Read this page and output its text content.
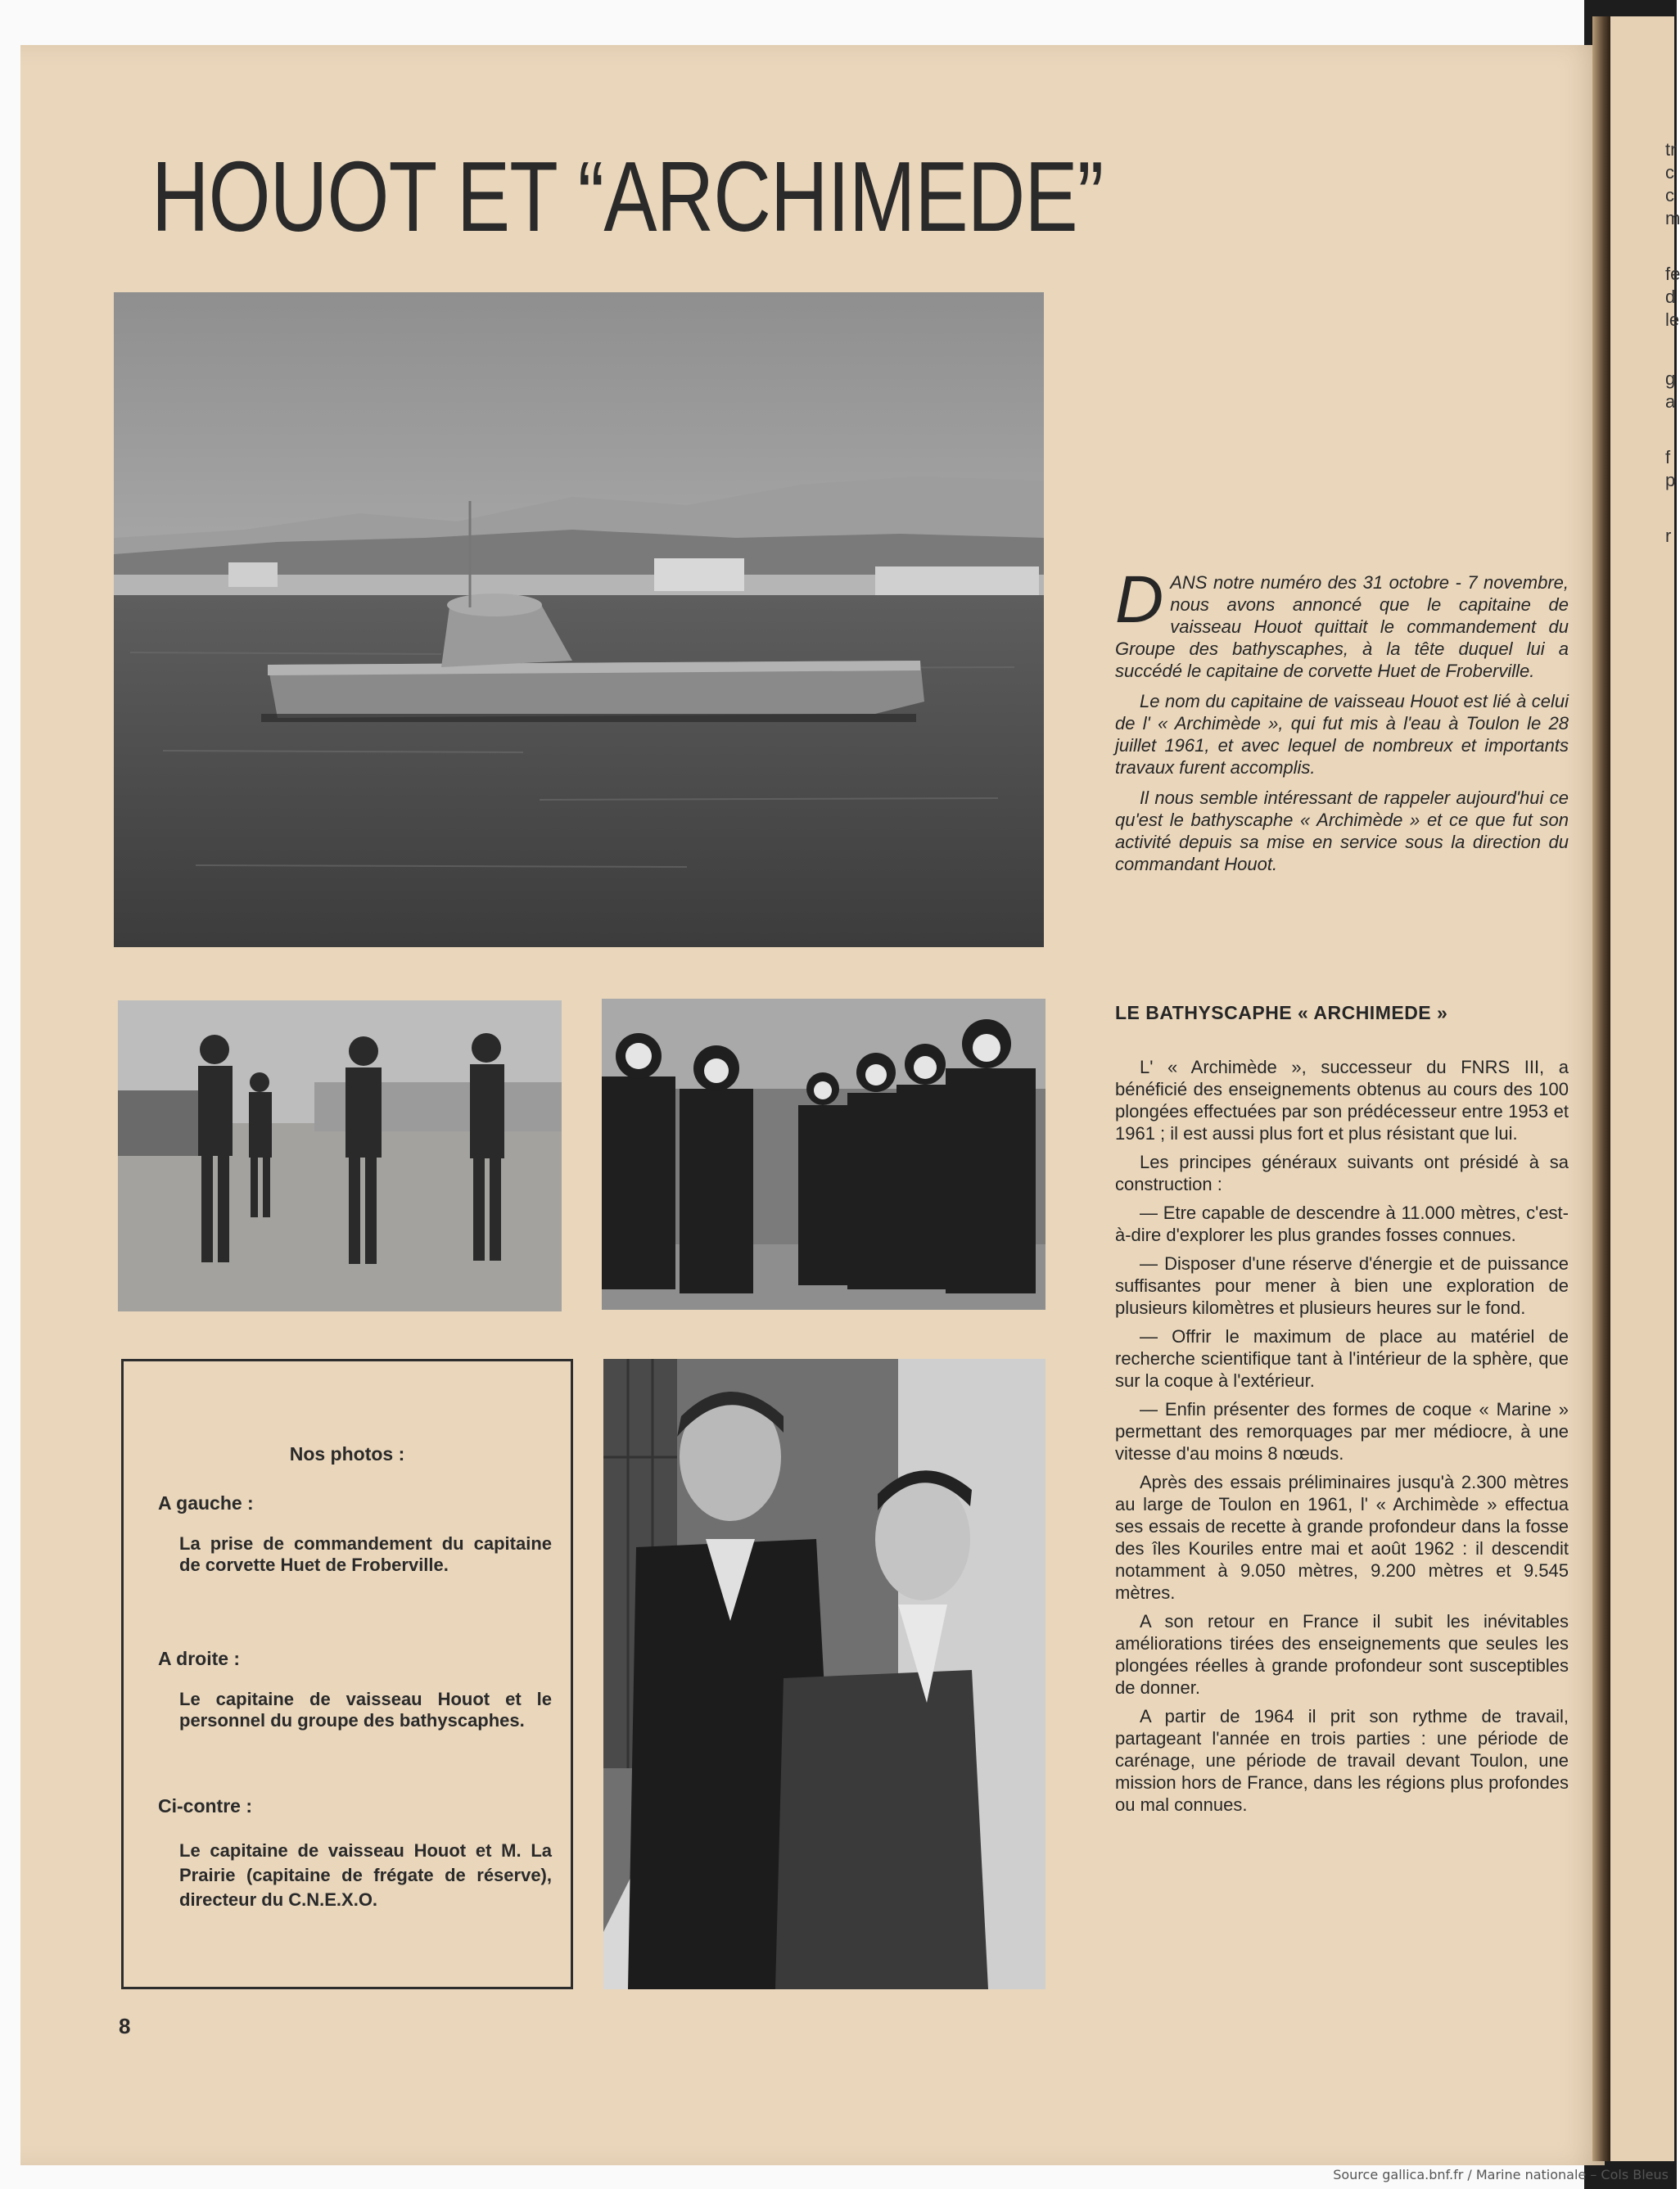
tr
c
c
m
fe
d
le
g
a
f
p
r
HOUOT ET “ARCHIMEDE”
Nos photos :
A gauche :
La prise de commandement du capitaine de corvette Huet de Froberville.
A droite :
Le capitaine de vaisseau Houot et le personnel du groupe des bathyscaphes.
Ci-contre :
Le capitaine de vaisseau Houot et M. La Prairie (capitaine de frégate de réserve), directeur du C.N.E.X.O.

DANS notre numéro des 31 octobre - 7 novembre, nous avons annoncé que le capitaine de vaisseau Houot quittait le commandement du Groupe des bathyscaphes, à la tête duquel lui a succédé le capitaine de corvette Huet de Froberville.

Le nom du capitaine de vaisseau Houot est lié à celui de l' « Archimède », qui fut mis à l'eau à Toulon le 28 juillet 1961, et avec lequel de nombreux et importants travaux furent accomplis.

Il nous semble intéressant de rappeler aujourd'hui ce qu'est le bathyscaphe « Archimède » et ce que fut son activité depuis sa mise en service sous la direction du commandant Houot.

LE BATHYSCAPHE « ARCHIMEDE »

L' « Archimède », successeur du FNRS III, a bénéficié des enseignements obtenus au cours des 100 plongées effectuées par son prédécesseur entre 1953 et 1961 ; il est aussi plus fort et plus résistant que lui.

Les principes généraux suivants ont présidé à sa construction :

— Etre capable de descendre à 11.000 mètres, c'est-à-dire d'explorer les plus grandes fosses connues.

— Disposer d'une réserve d'énergie et de puissance suffisantes pour mener à bien une exploration de plusieurs kilomètres et plusieurs heures sur le fond.

— Offrir le maximum de place au matériel de recherche scientifique tant à l'intérieur de la sphère, que sur la coque à l'extérieur.

— Enfin présenter des formes de coque « Marine » permettant des remorquages par mer médiocre, à une vitesse d'au moins 8 nœuds.

Après des essais préliminaires jusqu'à 2.300 mètres au large de Toulon en 1961, l' « Archimède » effectua ses essais de recette à grande profondeur dans la fosse des îles Kouriles entre mai et août 1962 : il descendit notamment à 9.050 mètres, 9.200 mètres et 9.545 mètres.

A son retour en France il subit les inévitables améliorations tirées des enseignements que seules les plongées réelles à grande profondeur sont susceptibles de donner.

A partir de 1964 il prit son rythme de travail, partageant l'année en trois parties : une période de carénage, une période de travail devant Toulon, une mission hors de France, dans les régions plus profondes ou mal connues.

8
Source gallica.bnf.fr / Marine nationale – Cols Bleus
